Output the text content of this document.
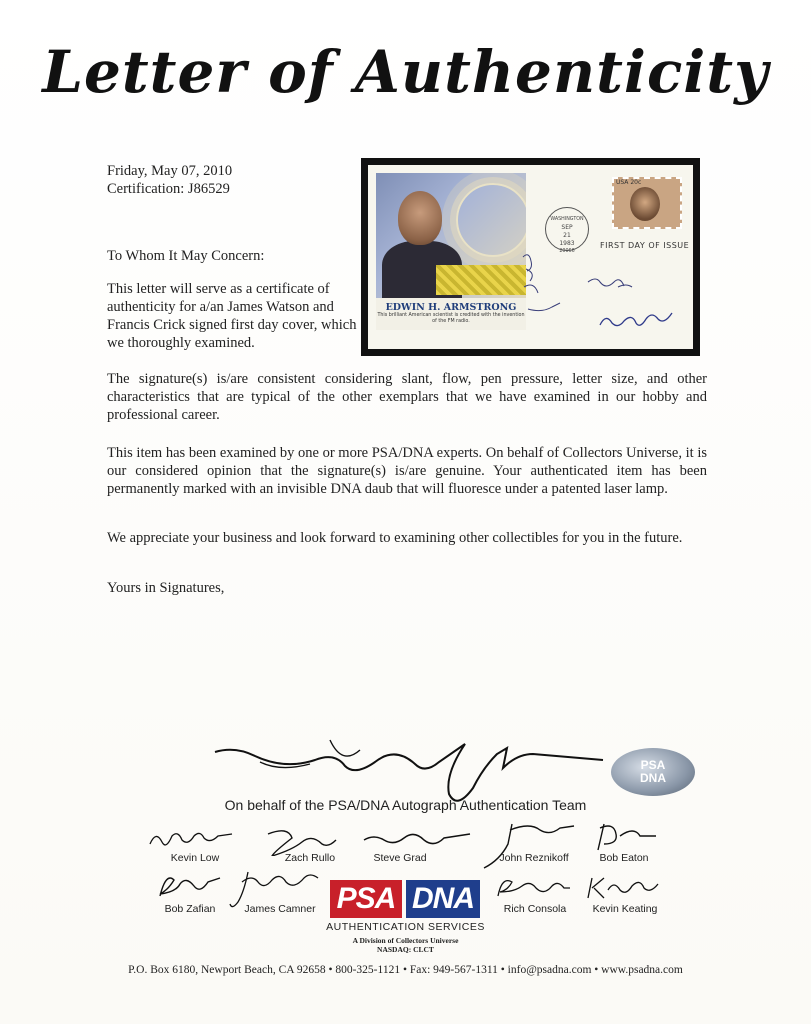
Letter of Authenticity
Friday, May 07, 2010
Certification: J86529
To Whom It May Concern:
This letter will serve as a certificate of authenticity for a/an James Watson and Francis Crick signed first day cover, which we thoroughly examined.
EDWIN H. ARMSTRONG
This brilliant American scientist is credited with the invention of the FM radio.
WASHINGTON
SEP
21
1983
20066
USA 20c
FIRST DAY OF ISSUE
The signature(s) is/are consistent considering slant, flow, pen pressure, letter size, and other characteristics that are typical of the other exemplars that we have examined in our hobby and professional career.
This item has been examined by one or more PSA/DNA experts. On behalf of Collectors Universe, it is our considered opinion that the signature(s) is/are genuine. Your authenticated item has been permanently marked with an invisible DNA daub that will fluoresce under a patented laser lamp.
We appreciate your business and look forward to examining other collectibles for you in the future.
Yours in Signatures,
PSA
DNA
On behalf of the PSA/DNA Autograph Authentication Team
Kevin Low	Zach Rullo	Steve Grad	John Reznikoff	Bob Eaton
Bob Zafian	James Camner PSA DNA	Rich Consola	Kevin Keating
AUTHENTICATION SERVICES
A Division of Collectors Universe
NASDAQ: CLCT
P.O. Box 6180, Newport Beach, CA 92658 • 800-325-1121 • Fax: 949-567-1311 • info@psadna.com • www.psadna.com
